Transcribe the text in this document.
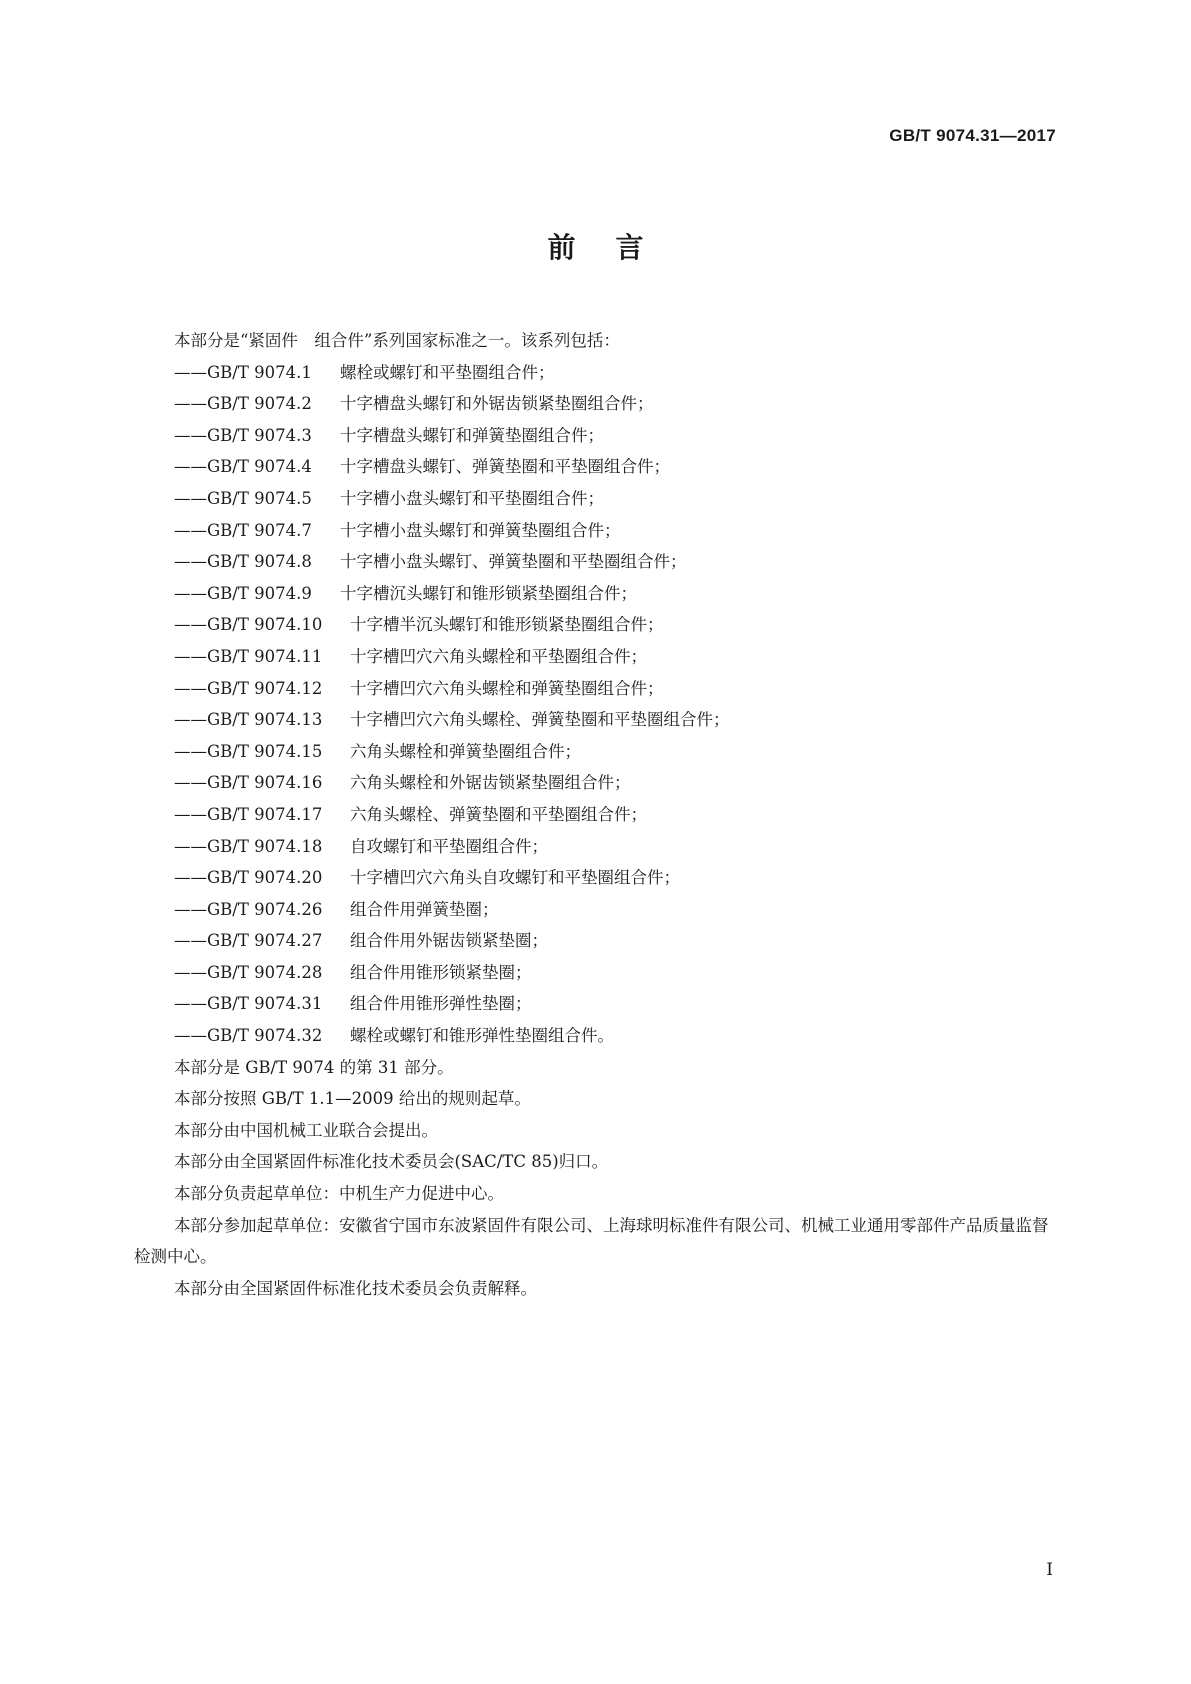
GB/T 9074.31—2017
前言
本部分是“紧固件　组合件”系列国家标准之一。该系列包括：
——GB/T 9074.1	螺栓或螺钉和平垫圈组合件；
——GB/T 9074.2	十字槽盘头螺钉和外锯齿锁紧垫圈组合件；
——GB/T 9074.3	十字槽盘头螺钉和弹簧垫圈组合件；
——GB/T 9074.4	十字槽盘头螺钉、弹簧垫圈和平垫圈组合件；
——GB/T 9074.5	十字槽小盘头螺钉和平垫圈组合件；
——GB/T 9074.7	十字槽小盘头螺钉和弹簧垫圈组合件；
——GB/T 9074.8	十字槽小盘头螺钉、弹簧垫圈和平垫圈组合件；
——GB/T 9074.9	十字槽沉头螺钉和锥形锁紧垫圈组合件；
——GB/T 9074.10	十字槽半沉头螺钉和锥形锁紧垫圈组合件；
——GB/T 9074.11	十字槽凹穴六角头螺栓和平垫圈组合件；
——GB/T 9074.12	十字槽凹穴六角头螺栓和弹簧垫圈组合件；
——GB/T 9074.13	十字槽凹穴六角头螺栓、弹簧垫圈和平垫圈组合件；
——GB/T 9074.15	六角头螺栓和弹簧垫圈组合件；
——GB/T 9074.16	六角头螺栓和外锯齿锁紧垫圈组合件；
——GB/T 9074.17	六角头螺栓、弹簧垫圈和平垫圈组合件；
——GB/T 9074.18	自攻螺钉和平垫圈组合件；
——GB/T 9074.20	十字槽凹穴六角头自攻螺钉和平垫圈组合件；
——GB/T 9074.26	组合件用弹簧垫圈；
——GB/T 9074.27	组合件用外锯齿锁紧垫圈；
——GB/T 9074.28	组合件用锥形锁紧垫圈；
——GB/T 9074.31	组合件用锥形弹性垫圈；
——GB/T 9074.32	螺栓或螺钉和锥形弹性垫圈组合件。
本部分是 GB/T 9074 的第 31 部分。
本部分按照 GB/T 1.1—2009 给出的规则起草。
本部分由中国机械工业联合会提出。
本部分由全国紧固件标准化技术委员会(SAC/TC 85)归口。
本部分负责起草单位：中机生产力促进中心。
本部分参加起草单位：安徽省宁国市东波紧固件有限公司、上海球明标准件有限公司、机械工业通用零部件产品质量监督检测中心。
本部分由全国紧固件标准化技术委员会负责解释。
I
